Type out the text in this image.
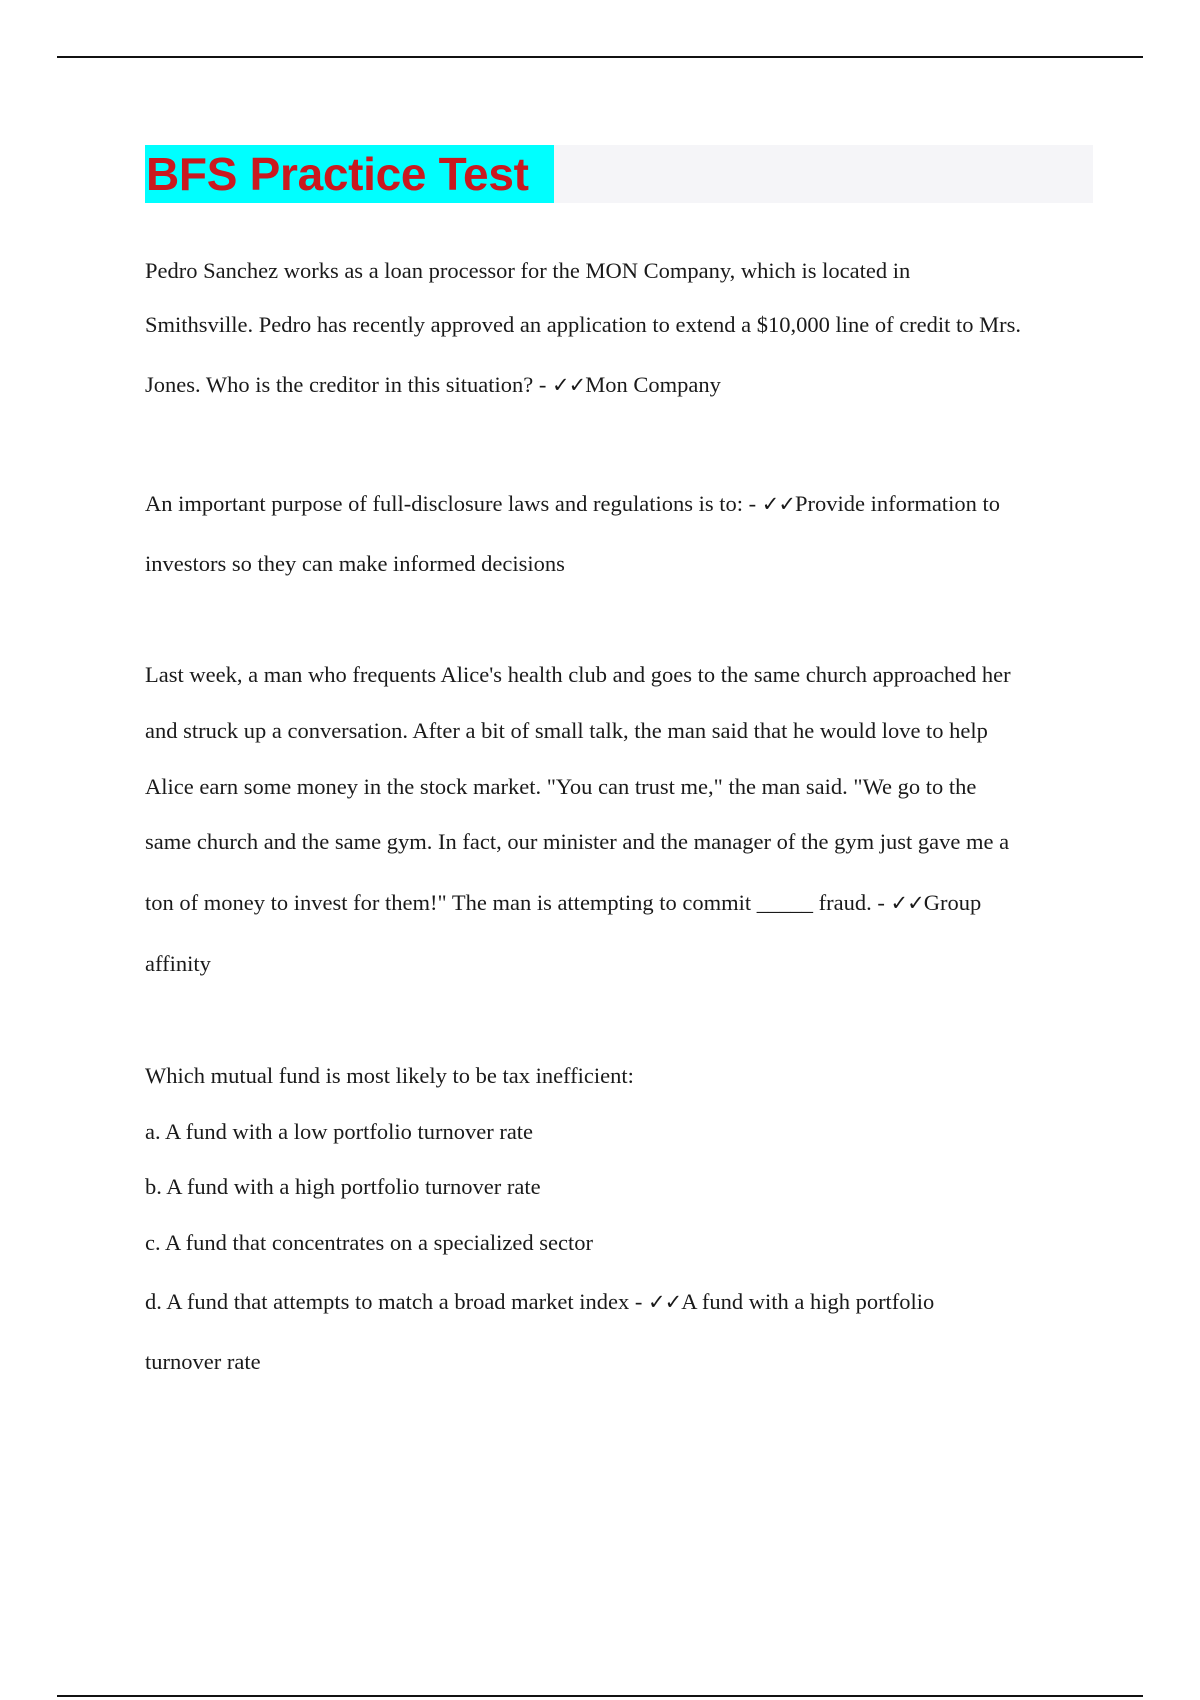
BFS Practice Test

Pedro Sanchez works as a loan processor for the MON Company, which is located in

Smithsville. Pedro has recently approved an application to extend a $10,000 line of credit to Mrs.

Jones. Who is the creditor in this situation? - ✓✓Mon Company

An important purpose of full-disclosure laws and regulations is to: - ✓✓Provide information to

investors so they can make informed decisions

Last week, a man who frequents Alice's health club and goes to the same church approached her

and struck up a conversation. After a bit of small talk, the man said that he would love to help

Alice earn some money in the stock market. "You can trust me," the man said. "We go to the

same church and the same gym. In fact, our minister and the manager of the gym just gave me a

ton of money to invest for them!" The man is attempting to commit _____ fraud. - ✓✓Group

affinity

Which mutual fund is most likely to be tax inefficient:

a. A fund with a low portfolio turnover rate

b. A fund with a high portfolio turnover rate

c. A fund that concentrates on a specialized sector

d. A fund that attempts to match a broad market index - ✓✓A fund with a high portfolio

turnover rate
